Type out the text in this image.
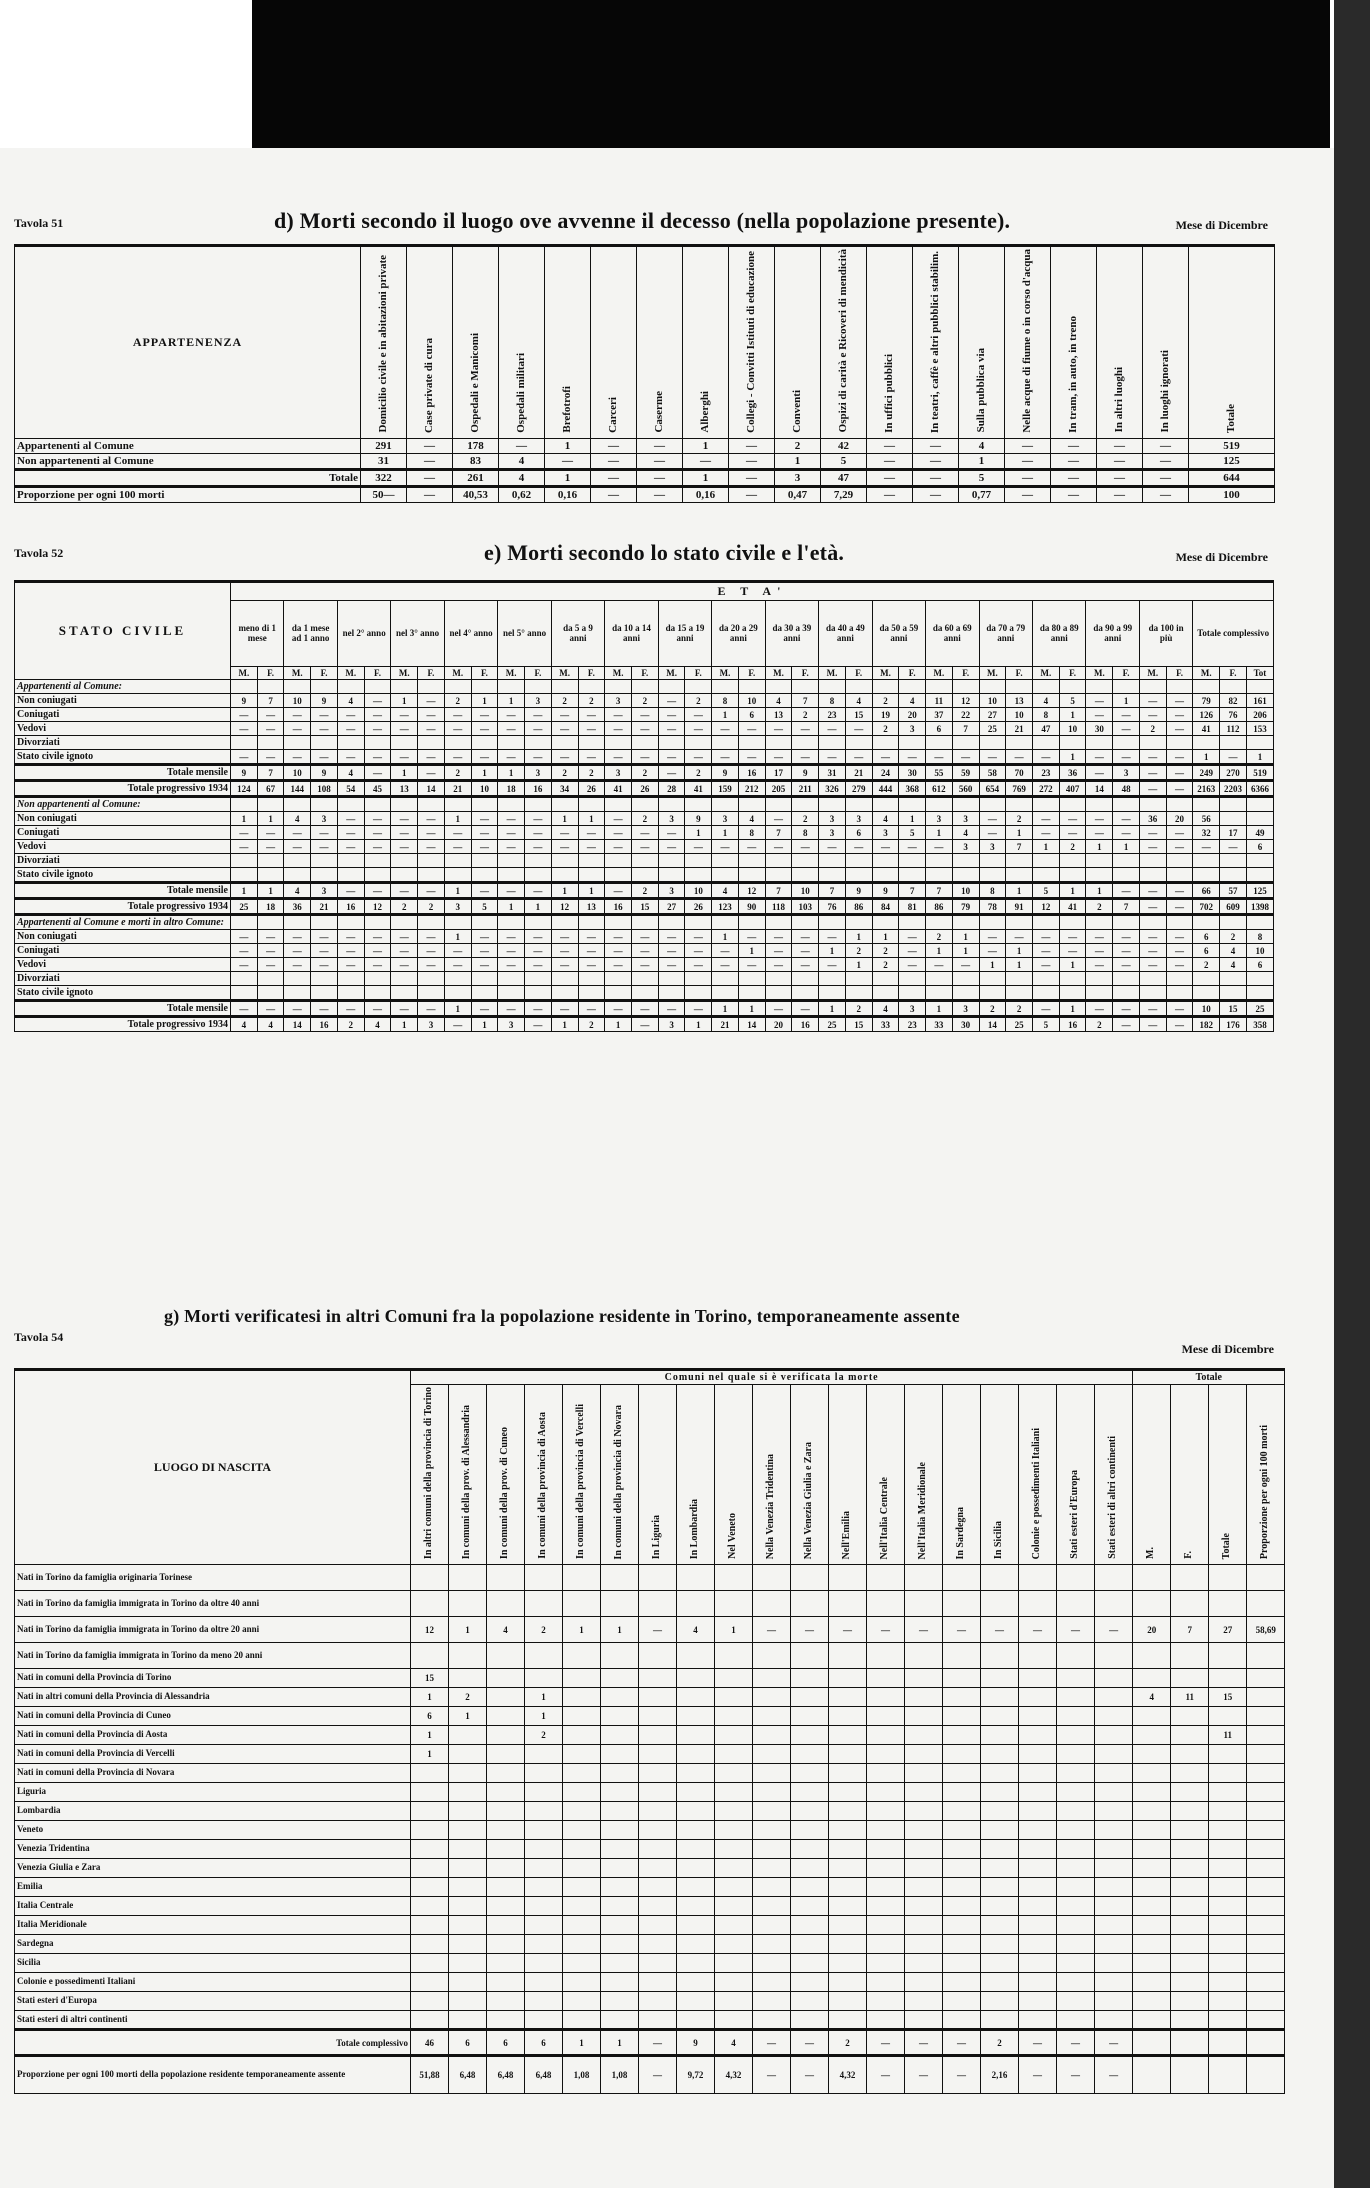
Tavola 51	d) Morti secondo il luogo ove avvenne il decesso (nella popolazione presente).	Mese di Dicembre
APPARTENENZA	Domicilio civile e in abitazioni private	Case private di cura	Ospedali e Manicomi	Ospedali militari	Brefotrofi	Carceri	Caserme	Alberghi	Collegi - Convitti Istituti di educazione	Conventi	Ospizi di carità e Ricoveri di mendicità	In uffici pubblici	In teatri, caffè e altri pubblici stabilim.	Sulla pubblica via	Nelle acque di fiume o in corso d'acqua	In tram, in auto, in treno	In altri luoghi	In luoghi ignorati	Totale
Appartenenti al Comune	291	—	178	—	1	—	—	1	—	2	42	—	—	4	—	—	—	—	519
Non appartenenti al Comune	31	—	83	4	—	—	—	—	—	1	5	—	—	1	—	—	—	—	125
Totale	322	—	261	4	1	—	—	1	—	3	47	—	—	5	—	—	—	—	644
Proporzione per ogni 100 morti	50—	—	40,53	0,62	0,16	—	—	0,16	—	0,47	7,29	—	—	0,77	—	—	—	—	100
Tavola 52	e) Morti secondo lo stato civile e l'età.	Mese di Dicembre
STATO CIVILE	E T A'																																						
	meno di 1 mese		da 1 mese ad 1 anno		nel 2° anno		nel 3° anno		nel 4° anno		nel 5° anno		da 5 a 9 anni		da 10 a 14 anni		da 15 a 19 anni		da 20 a 29 anni		da 30 a 39 anni		da 40 a 49 anni		da 50 a 59 anni		da 60 a 69 anni		da 70 a 79 anni		da 80 a 89 anni		da 90 a 99 anni		da 100 in più		Totale complessivo		
	M.	F.	M.	F.	M.	F.	M.	F.	M.	F.	M.	F.	M.	F.	M.	F.	M.	F.	M.	F.	M.	F.	M.	F.	M.	F.	M.	F.	M.	F.	M.	F.	M.	F.	M.	F.	M.	F.	Tot
Appartenenti al Comune:																																							
Non coniugati	9	7	10	9	4	—	1	—	2	1	1	3	2	2	3	2	—	2	8	10	4	7	8	4	2	4	11	12	10	13	4	5	—	1	—	—	79	82	161
Coniugati	—	—	—	—	—	—	—	—	—	—	—	—	—	—	—	—	—	—	1	6	13	2	23	15	19	20	37	22	27	10	8	1	—	—	—	—	126	76	206
Vedovi	—	—	—	—	—	—	—	—	—	—	—	—	—	—	—	—	—	—	—	—	—	—	—	—	2	3	6	7	25	21	47	10	30	—	2	—	41	112	153
Divorziati																																							
Stato civile ignoto	—	—	—	—	—	—	—	—	—	—	—	—	—	—	—	—	—	—	—	—	—	—	—	—	—	—	—	—	—	—	—	1	—	—	—	—	1	—	1
Totale mensile	9	7	10	9	4	—	1	—	2	1	1	3	2	2	3	2	—	2	9	16	17	9	31	21	24	30	55	59	58	70	23	36	—	3	—	—	249	270	519
Totale progressivo 1934	124	67	144	108	54	45	13	14	21	10	18	16	34	26	41	26	28	41	159	212	205	211	326	279	444	368	612	560	654	769	272	407	14	48	—	—	2163	2203	6366
Non appartenenti al Comune:																																							
Non coniugati	1	1	4	3	—	—	—	—	1	—	—	—	1	1	—	2	3	9	3	4	—	2	3	3	4	1	3	3	—	2	—	—	—	—	36	20	56		
Coniugati	—	—	—	—	—	—	—	—	—	—	—	—	—	—	—	—	—	1	1	8	7	8	3	6	3	5	1	4	—	1	—	—	—	—	—	—	32	17	49
Vedovi	—	—	—	—	—	—	—	—	—	—	—	—	—	—	—	—	—	—	—	—	—	—	—	—	—	—	—	3	3	7	1	2	1	1	—	—	—	—	6
Divorziati																																							
Stato civile ignoto																																							
Totale mensile	1	1	4	3	—	—	—	—	1	—	—	—	1	1	—	2	3	10	4	12	7	10	7	9	9	7	7	10	8	1	5	1	1	—	—	—	66	57	125
Totale progressivo 1934	25	18	36	21	16	12	2	2	3	5	1	1	12	13	16	15	27	26	123	90	118	103	76	86	84	81	86	79	78	91	12	41	2	7	—	—	702	609	1398
Appartenenti al Comune e morti in altro Comune:																																							
Non coniugati	—	—	—	—	—	—	—	—	1	—	—	—	—	—	—	—	—	—	1	—	—	—	—	1	1	—	2	1	—	—	—	—	—	—	—	—	6	2	8
Coniugati	—	—	—	—	—	—	—	—	—	—	—	—	—	—	—	—	—	—	—	1	—	—	1	2	2	—	1	1	—	1	—	—	—	—	—	—	6	4	10
Vedovi	—	—	—	—	—	—	—	—	—	—	—	—	—	—	—	—	—	—	—	—	—	—	—	1	2	—	—	—	1	1	—	1	—	—	—	—	2	4	6
Divorziati																																							
Stato civile ignoto																																							
Totale mensile	—	—	—	—	—	—	—	—	1	—	—	—	—	—	—	—	—	—	1	1	—	—	1	2	4	3	1	3	2	2	—	1	—	—	—	—	10	15	25
Totale progressivo 1934	4	4	14	16	2	4	1	3	—	1	3	—	1	2	1	—	3	1	21	14	20	16	25	15	33	23	33	30	14	25	5	16	2	—	—	—	182	176	358
Tavola 54
g) Morti verificatesi in altri Comuni fra la popolazione residente in Torino, temporaneamente assente
Mese di Dicembre
LUOGO DI NASCITA	Comuni nel quale si è verificata la morte																			Totale			
	In altri comuni della provincia di Torino	In comuni della prov. di Alessandria	In comuni della prov. di Cuneo	In comuni della provincia di Aosta	In comuni della provincia di Vercelli	In comuni della provincia di Novara	In Liguria	In Lombardia	Nel Veneto	Nella Venezia Tridentina	Nella Venezia Giulia e Zara	Nell'Emilia	Nell'Italia Centrale	Nell'Italia Meridionale	In Sardegna	In Sicilia	Colonie e possedimenti Italiani	Stati esteri d'Europa	Stati esteri di altri continenti	M.	F.	Totale	Proporzione per ogni 100 morti
Nati in Torino da famiglia originaria Torinese																							
Nati in Torino da famiglia immigrata in Torino da oltre 40 anni																							
Nati in Torino da famiglia immigrata in Torino da oltre 20 anni	12	1	4	2	1	1	—	4	1	—	—	—	—	—	—	—	—	—	—	20	7	27	58,69
Nati in Torino da famiglia immigrata in Torino da meno 20 anni																							
Nati in comuni della Provincia di Torino	15																						
Nati in altri comuni della Provincia di Alessandria	1	2		1																4	11	15	
Nati in comuni della Provincia di Cuneo	6	1		1																			
Nati in comuni della Provincia di Aosta	1			2																		11	
Nati in comuni della Provincia di Vercelli	1																						
Nati in comuni della Provincia di Novara																							
Liguria																							
Lombardia																							
Veneto																							
Venezia Tridentina																							
Venezia Giulia e Zara																							
Emilia																							
Italia Centrale																							
Italia Meridionale																							
Sardegna																							
Sicilia																							
Colonie e possedimenti Italiani																							
Stati esteri d'Europa																							
Stati esteri di altri continenti																							
Totale complessivo	46	6	6	6	1	1	—	9	4	—	—	2	—	—	—	2	—	—	—				
Proporzione per ogni 100 morti della popolazione residente temporaneamente assente	51,88	6,48	6,48	6,48	1,08	1,08	—	9,72	4,32	—	—	4,32	—	—	—	2,16	—	—	—				
